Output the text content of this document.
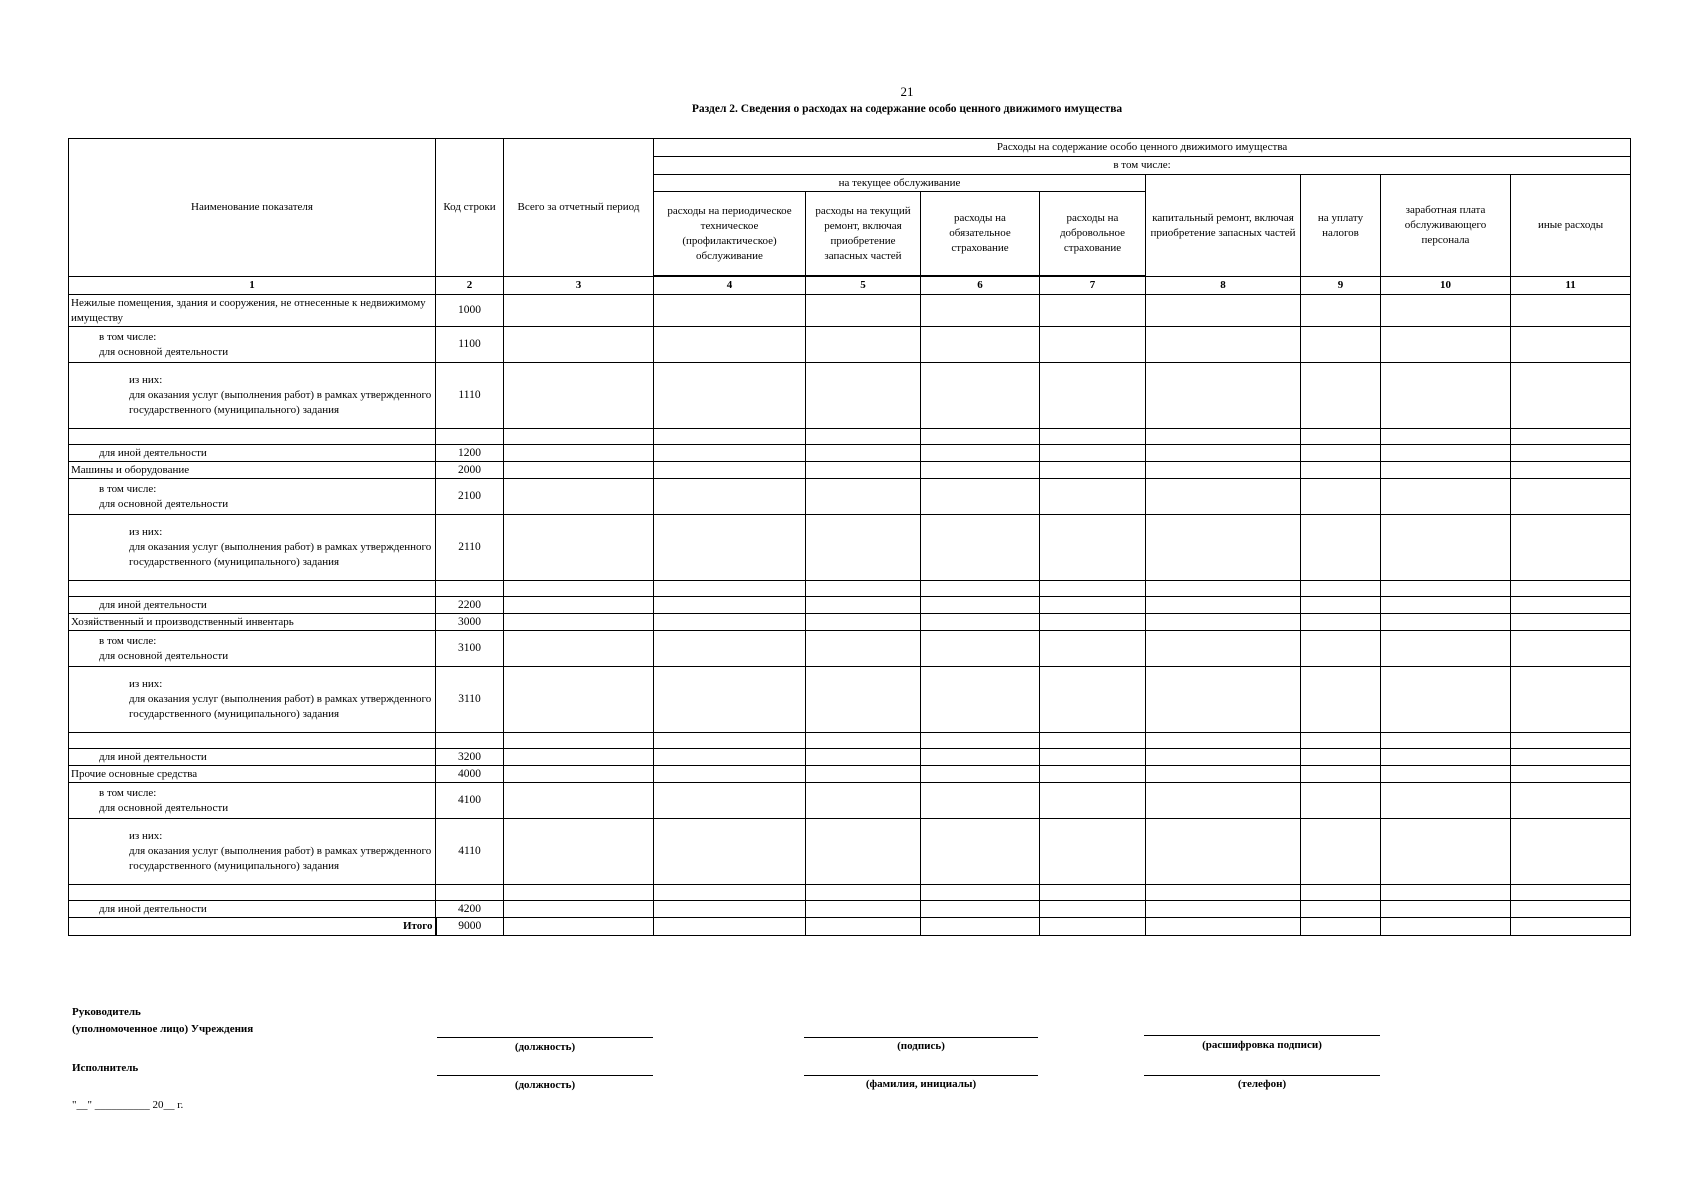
21
Раздел 2. Сведения о расходах на содержание особо ценного движимого имущества
Наименование показателя	Код строки	Всего за отчетный период	Расходы на содержание особо ценного движимого имущества							
			в том числе:							
			на текущее обслуживание				капитальный ремонт, включая приобретение запасных частей	на уплату налогов	заработная плата обслуживающего персонала	иные расходы
			расходы на периодическое техническое (профилактическое) обслуживание	расходы на текущий ремонт, включая приобретение запасных частей	расходы на обязательное страхование	расходы на добровольное страхование				

1	2	3	4	5	6	7	8	9	10	11
Нежилые помещения, здания и сооружения, не отнесенные к недвижимому имуществу	1000									

в том числе:
для основной деятельности	1100									

из них:
для оказания услуг (выполнения работ) в рамках утвержденного государственного (муниципального) задания	1110									

для иной деятельности	1200									
Машины и оборудование	2000									

в том числе:
для основной деятельности	2100									

из них:
для оказания услуг (выполнения работ) в рамках утвержденного государственного (муниципального) задания	2110									

для иной деятельности	2200									
Хозяйственный и производственный инвентарь	3000									

в том числе:
для основной деятельности	3100									

из них:
для оказания услуг (выполнения работ) в рамках утвержденного государственного (муниципального) задания	3110									

для иной деятельности	3200									
Прочие основные средства	4000									

в том числе:
для основной деятельности	4100									

из них:
для оказания услуг (выполнения работ) в рамках утвержденного государственного (муниципального) задания	4110									

для иной деятельности	4200									
Итого	9000									
Руководитель
(уполномоченное лицо) Учреждения
Исполнитель
"__" __________ 20__ г.
(должность)	(подпись)	(расшифровка подписи)
(должность)	(фамилия, инициалы)	(телефон)
